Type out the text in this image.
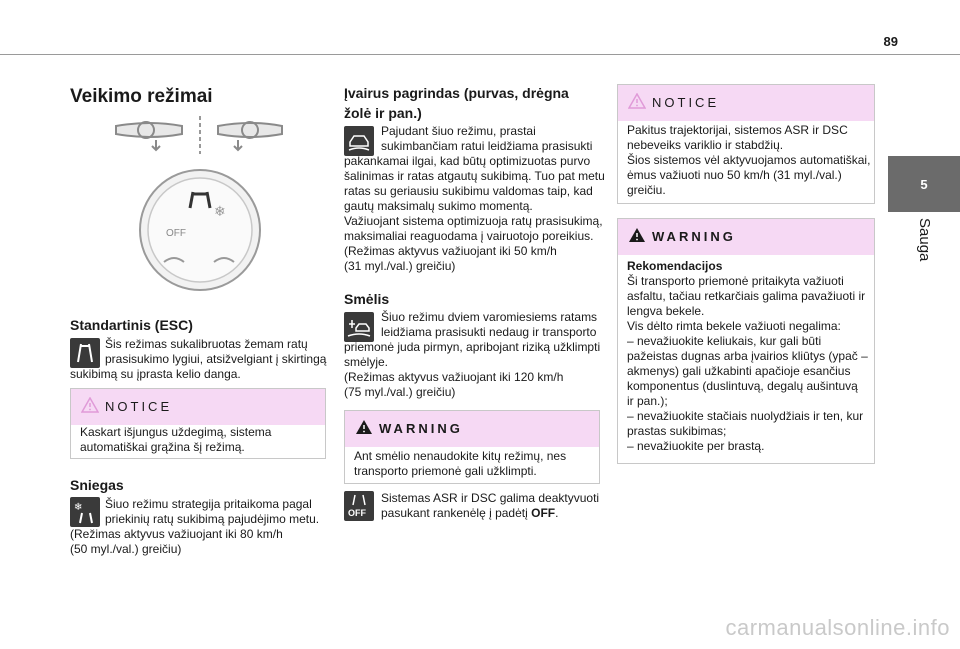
89
5
Sauga
Veikimo režimai
OFF
❄
Standartinis (ESC)
Šis režimas sukalibruotas žemam ratų
prasisukimo lygiui, atsižvelgiant į skirtingą
sukibimą su įprasta kelio danga.
NOTICE
Kaskart išjungus uždegimą, sistema
automatiškai grąžina šį režimą.
Sniegas
❄ Šiuo režimu strategija pritaikoma pagal
priekinių ratų sukibimą pajudėjimo metu.
(Režimas aktyvus važiuojant iki 80 km/h
(50 myl./val.) greičiu)
Įvairus pagrindas (purvas, drėgna
žolė ir pan.)
Pajudant šiuo režimu, prastai
sukimbančiam ratui leidžiama prasisukti
pakankamai ilgai, kad būtų optimizuotas purvo
šalinimas ir ratas atgautų sukibimą. Tuo pat metu
ratas su geriausiu sukibimu valdomas taip, kad
gautų maksimalų sukimo momentą.
Važiuojant sistema optimizuoja ratų prasisukimą,
maksimaliai reaguodama į vairuotojo poreikius.
(Režimas aktyvus važiuojant iki 50 km/h
(31 myl./val.) greičiu)
Smėlis
Šiuo režimu dviem varomiesiems ratams
leidžiama prasisukti nedaug ir transporto
priemonė juda pirmyn, apribojant riziką užklimpti
smėlyje.
(Režimas aktyvus važiuojant iki 120 km/h
(75 myl./val.) greičiu)
WARNING
Ant smėlio nenaudokite kitų režimų, nes
transporto priemonė gali užklimpti.
OFF
Sistemas ASR ir DSC galima deaktyvuoti
pasukant rankenėlę į padėtį OFF.
NOTICE
Pakitus trajektorijai, sistemos ASR ir DSC
nebeveiks variklio ir stabdžių.
Šios sistemos vėl aktyvuojamos automatiškai,
ėmus važiuoti nuo 50 km/h (31 myl./val.)
greičiu.
WARNING
Rekomendacijos
Ši transporto priemonė pritaikyta važiuoti
asfaltu, tačiau retkarčiais galima pavažiuoti ir
lengva bekele.
Vis dėlto rimta bekele važiuoti negalima:
– nevažiuokite keliukais, kur gali būti
pažeistas dugnas arba įvairios kliūtys (ypač –
akmenys) gali užkabinti apačioje esančius
komponentus (duslintuvą, degalų aušintuvą
ir pan.);
– nevažiuokite stačiais nuolydžiais ir ten, kur
prastas sukibimas;
– nevažiuokite per brastą.
carmanualsonline.info
